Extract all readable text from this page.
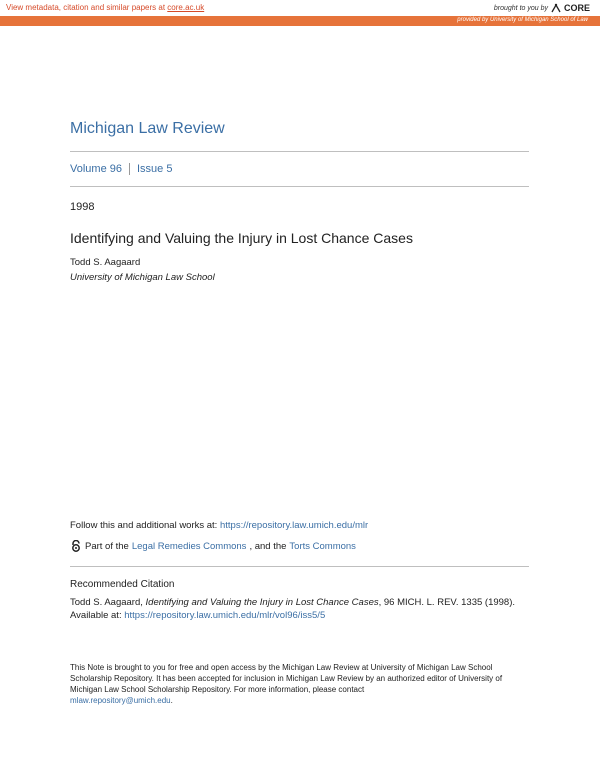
View metadata, citation and similar papers at core.ac.uk	brought to you by CORE
provided by University of Michigan School of Law
Michigan Law Review
Volume 96 Issue 5
1998
Identifying and Valuing the Injury in Lost Chance Cases
Todd S. Aagaard
University of Michigan Law School
Follow this and additional works at: https://repository.law.umich.edu/mlr
Part of the Legal Remedies Commons , and the Torts Commons
Recommended Citation
Todd S. Aagaard, Identifying and Valuing the Injury in Lost Chance Cases, 96 MICH. L. REV. 1335 (1998).
Available at: https://repository.law.umich.edu/mlr/vol96/iss5/5
This Note is brought to you for free and open access by the Michigan Law Review at University of Michigan Law School Scholarship Repository. It has been accepted for inclusion in Michigan Law Review by an authorized editor of University of Michigan Law School Scholarship Repository. For more information, please contact
mlaw.repository@umich.edu.
